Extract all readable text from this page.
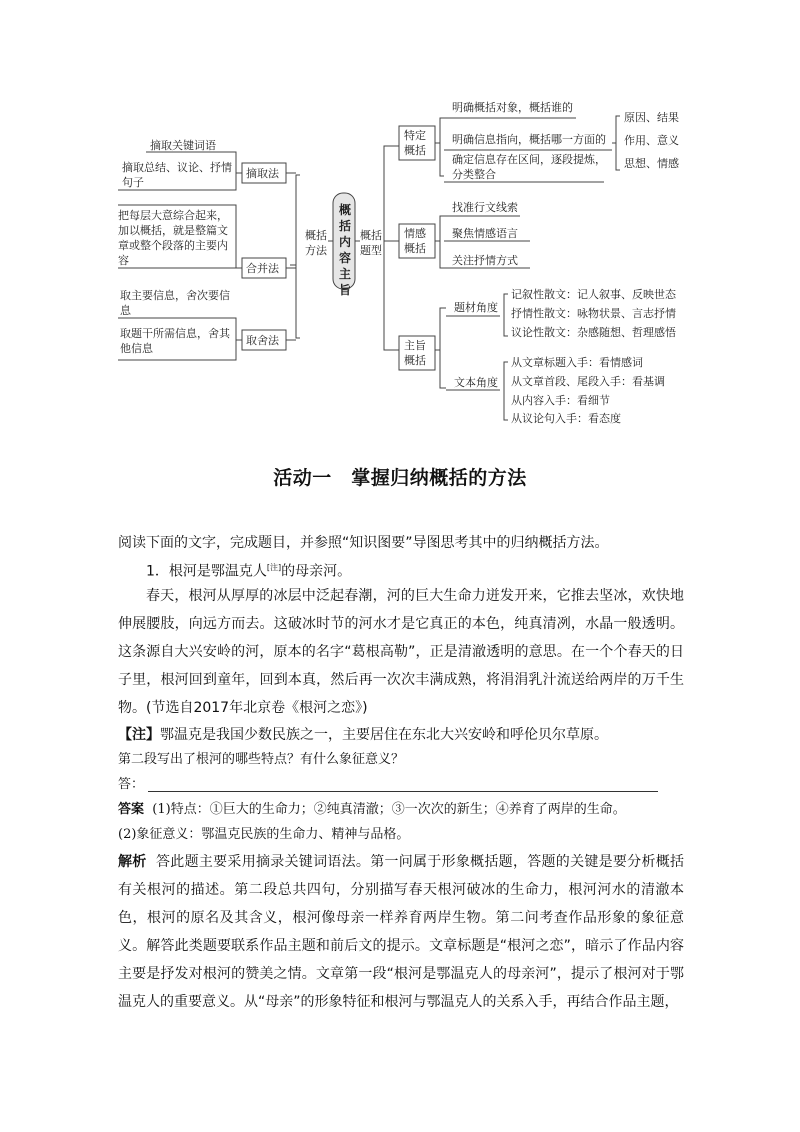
概括内容主旨
概括方法
概括题型
摘取法
合并法
取舍法
摘取关键词语
摘取总结、议论、抒情句子
把每层大意综合起来，加以概括，就是整篇文章或整个段落的主要内容
取主要信息，舍次要信息
取题干所需信息，舍其他信息
特定概括
情感概括
主旨概括
明确概括对象，概括谁的
明确信息指向，概括哪一方面的
确定信息存在区间，逐段提炼，分类整合
原因、结果
作用、意义
思想、情感
找准行文线索
聚焦情感语言
关注抒情方式
题材角度
文本角度
记叙性散文：记人叙事、反映世态
抒情性散文：咏物状景、言志抒情
议论性散文：杂感随想、哲理感悟
从文章标题入手：看情感词
从文章首段、尾段入手：看基调
从内容入手：看细节
从议论句入手：看态度
活动一　掌握归纳概括的方法
阅读下面的文字，完成题目，并参照“知识图要”导图思考其中的归纳概括方法。
1．根河是鄂温克人[注]的母亲河。
春天，根河从厚厚的冰层中泛起春潮，河的巨大生命力迸发开来，它推去坚冰，欢快地伸展腰肢，向远方而去。这破冰时节的河水才是它真正的本色，纯真清冽，水晶一般透明。这条源自大兴安岭的河，原本的名字“葛根高勒”，正是清澈透明的意思。在一个个春天的日子里，根河回到童年，回到本真，然后再一次次丰满成熟，将涓涓乳汁流送给两岸的万千生物。(节选自2017年北京卷《根河之恋》)
【注】鄂温克是我国少数民族之一，主要居住在东北大兴安岭和呼伦贝尔草原。
第二段写出了根河的哪些特点？有什么象征意义？
答：
答案 (1)特点：①巨大的生命力；②纯真清澈；③一次次的新生；④养育了两岸的生命。
(2)象征意义：鄂温克民族的生命力、精神与品格。
解析 答此题主要采用摘录关键词语法。第一问属于形象概括题，答题的关键是要分析概括有关根河的描述。第二段总共四句，分别描写春天根河破冰的生命力，根河河水的清澈本色，根河的原名及其含义，根河像母亲一样养育两岸生物。第二问考查作品形象的象征意义。解答此类题要联系作品主题和前后文的提示。文章标题是“根河之恋”，暗示了作品内容主要是抒发对根河的赞美之情。文章第一段“根河是鄂温克人的母亲河”，提示了根河对于鄂温克人的重要意义。从“母亲”的形象特征和根河与鄂温克人的关系入手，再结合作品主题，
